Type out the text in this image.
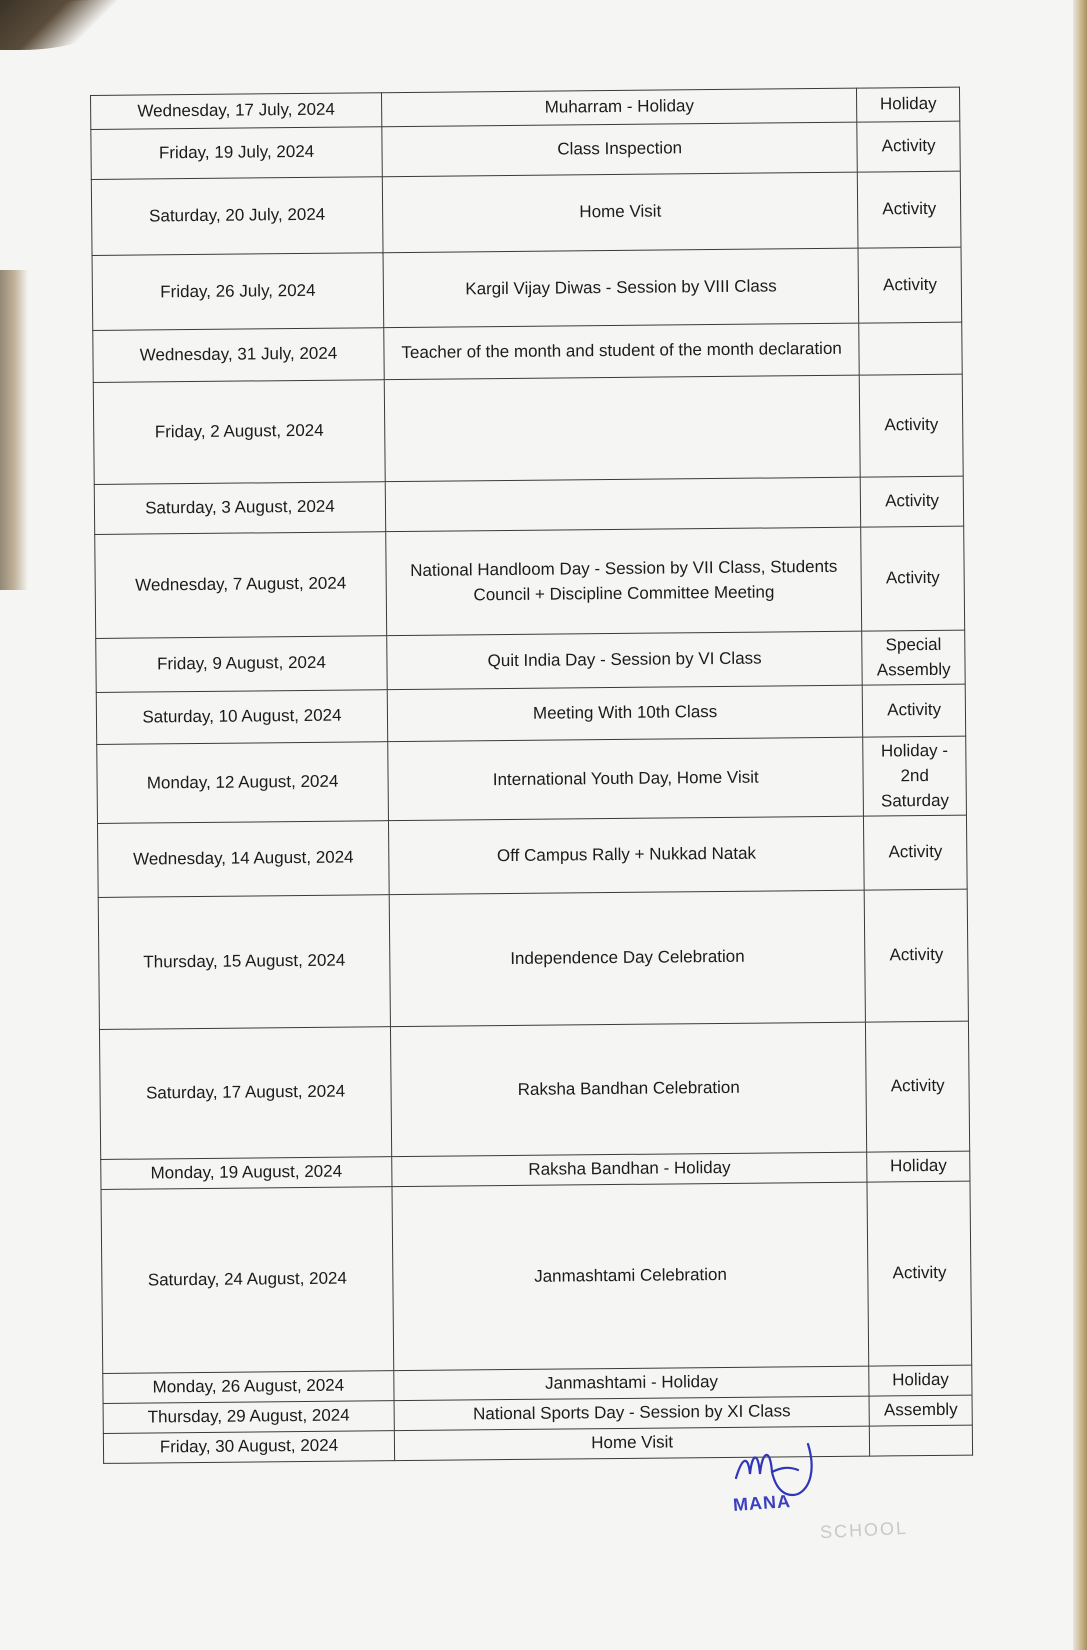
Wednesday, 17 July, 2024	Muharram - Holiday	Holiday
Friday, 19 July, 2024	Class Inspection	Activity
Saturday, 20 July, 2024	Home Visit	Activity
Friday, 26 July, 2024	Kargil Vijay Diwas - Session by VIII Class	Activity
Wednesday, 31 July, 2024	Teacher of the month and student of the month declaration	
Friday, 2 August, 2024		Activity
Saturday, 3 August, 2024		Activity
Wednesday, 7 August, 2024	National Handloom Day - Session by VII Class, Students Council + Discipline Committee Meeting	Activity
Friday, 9 August, 2024	Quit India Day - Session by VI Class	Special Assembly
Saturday, 10 August, 2024	Meeting With 10th Class	Activity
Monday, 12 August, 2024	International Youth Day, Home Visit	Holiday - 2nd Saturday
Wednesday, 14 August, 2024	Off Campus Rally + Nukkad Natak	Activity
Thursday, 15 August, 2024	Independence Day Celebration	Activity
Saturday, 17 August, 2024	Raksha Bandhan Celebration	Activity
Monday, 19 August, 2024	Raksha Bandhan - Holiday	Holiday
Saturday, 24 August, 2024	Janmashtami Celebration	Activity
Monday, 26 August, 2024	Janmashtami - Holiday	Holiday
Thursday, 29 August, 2024	National Sports Day - Session by XI Class	Assembly
Friday, 30 August, 2024	Home Visit	
MANA
SCHOOL
